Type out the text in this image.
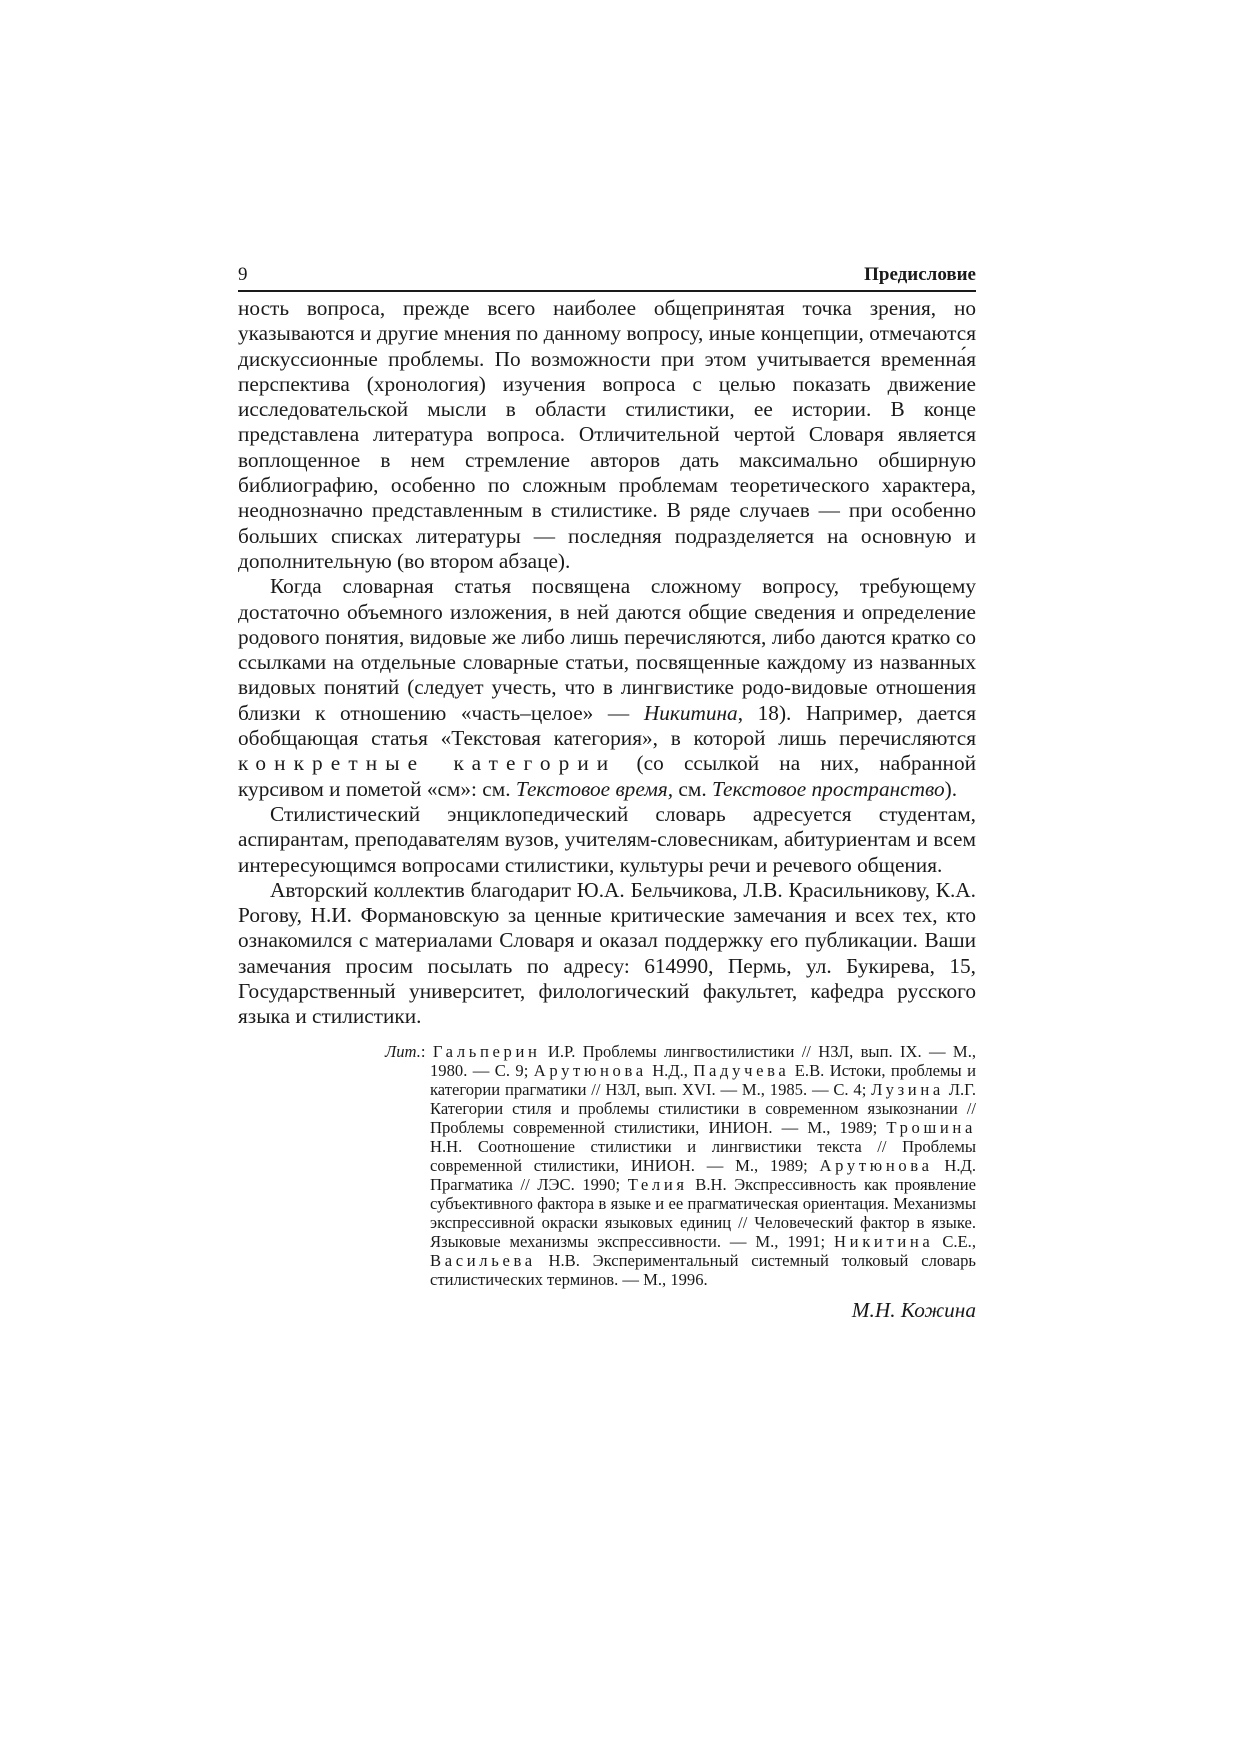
9	Предисловие

ность вопроса, прежде всего наиболее общепринятая точка зрения, но указываются и другие мнения по данному вопросу, иные концепции, отмечаются дискуссионные проблемы. По возможности при этом учитывается временна́я перспектива (хронология) изучения вопроса с целью показать движение исследовательской мысли в области стилистики, ее истории. В конце представлена литература вопроса. Отличительной чертой Словаря является воплощенное в нем стремление авторов дать максимально обширную библиографию, особенно по сложным проблемам теоретического характера, неоднозначно представленным в стилистике. В ряде случаев — при особенно больших списках литературы — последняя подразделяется на основную и дополнительную (во втором абзаце).

Когда словарная статья посвящена сложному вопросу, требующему достаточно объемного изложения, в ней даются общие сведения и определение родового понятия, видовые же либо лишь перечисляются, либо даются кратко со ссылками на отдельные словарные статьи, посвященные каждому из названных видовых понятий (следует учесть, что в лингвистике родо-видовые отношения близки к отношению «часть–целое» — Никитина, 18). Например, дается обобщающая статья «Текстовая категория», в которой лишь перечисляются конкретные категории (со ссылкой на них, набранной курсивом и пометой «см»: см. Текстовое время, см. Текстовое пространство).

Стилистический энциклопедический словарь адресуется студентам, аспирантам, преподавателям вузов, учителям-словесникам, абитуриентам и всем интересующимся вопросами стилистики, культуры речи и речевого общения.

Авторский коллектив благодарит Ю.А. Бельчикова, Л.В. Красильникову, К.А. Рогову, Н.И. Формановскую за ценные критические замечания и всех тех, кто ознакомился с материалами Словаря и оказал поддержку его публикации. Ваши замечания просим посылать по адресу: 614990, Пермь, ул. Букирева, 15, Государственный университет, филологический факультет, кафедра русского языка и стилистики.

Лит.: Гальперин И.Р. Проблемы лингвостилистики // НЗЛ, вып. IX. — М., 1980. — С. 9; Арутюнова Н.Д., Падучева Е.В. Истоки, проблемы и категории прагматики // НЗЛ, вып. XVI. — М., 1985. — С. 4; Лузина Л.Г. Категории стиля и проблемы стилистики в современном языкознании // Проблемы современной стилистики, ИНИОН. — М., 1989; Трошина Н.Н. Соотношение стилистики и лингвистики текста // Проблемы современной стилистики, ИНИОН. — М., 1989; Арутюнова Н.Д. Прагматика // ЛЭС. 1990; Телия В.Н. Экспрессивность как проявление субъективного фактора в языке и ее прагматическая ориентация. Механизмы экспрессивной окраски языковых единиц // Человеческий фактор в языке. Языковые механизмы экспрессивности. — М., 1991; Никитина С.Е., Васильева Н.В. Экспериментальный системный толковый словарь стилистических терминов. — М., 1996.
М.Н. Кожина
